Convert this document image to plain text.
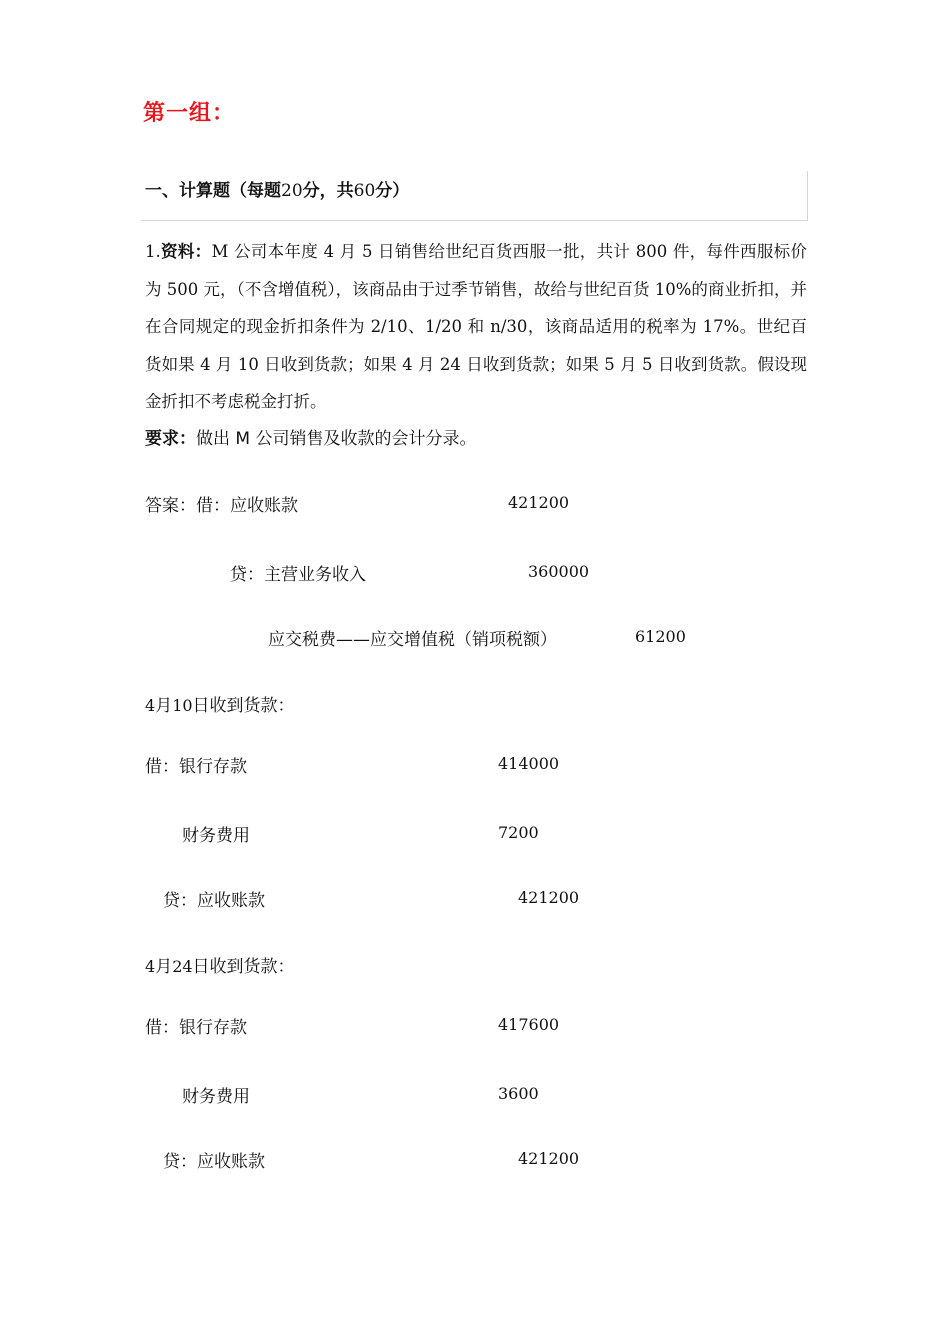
第一组：
一、计算题（每题20分，共60分）
1.资料：M 公司本年度 4 月 5 日销售给世纪百货西服一批，共计 800 件，每件西服标价为 500 元，（不含增值税），该商品由于过季节销售，故给与世纪百货 10%的商业折扣，并在合同规定的现金折扣条件为 2/10、1/20 和 n/30，该商品适用的税率为 17%。世纪百货如果 4 月 10 日收到货款；如果 4 月 24 日收到货款；如果 5 月 5 日收到货款。假设现金折扣不考虑税金打折。
要求：做出 M 公司销售及收款的会计分录。
答案：借：应收账款	421200
贷：主营业务收入	360000
应交税费——应交增值税（销项税额）	61200
4月10日收到货款：
借：银行存款	414000
财务费用	7200
贷：应收账款	421200
4月24日收到货款：
借：银行存款	417600
财务费用	3600
贷：应收账款	421200
